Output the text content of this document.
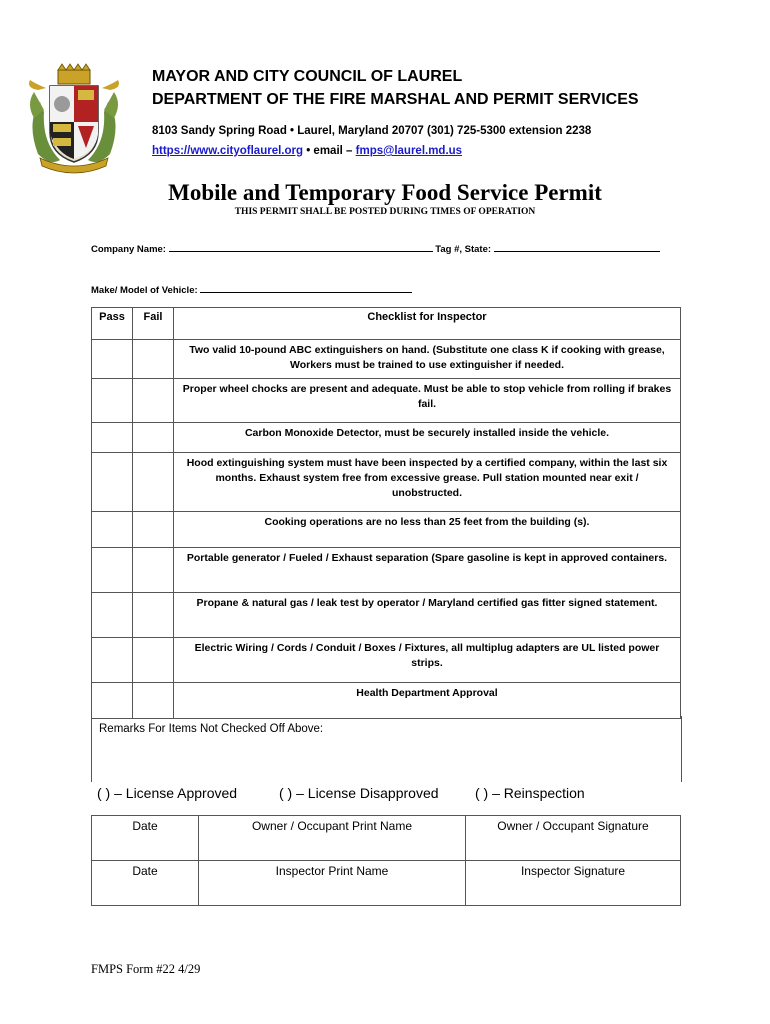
MAYOR AND CITY COUNCIL OF LAUREL
DEPARTMENT OF THE FIRE MARSHAL AND PERMIT SERVICES
8103 Sandy Spring Road • Laurel, Maryland 20707 (301) 725-5300 extension 2238
https://www.cityoflaurel.org • email – fmps@laurel.md.us
Mobile and Temporary Food Service Permit
THIS PERMIT SHALL BE POSTED DURING TIMES OF OPERATION
Company Name:	Tag #, State:
Make/ Model of Vehicle:
Pass	Fail	Checklist for Inspector
		Two valid 10-pound ABC extinguishers on hand. (Substitute one class K if cooking with grease, Workers must be trained to use extinguisher if needed.
		Proper wheel chocks are present and adequate. Must be able to stop vehicle from rolling if brakes fail.
		Carbon Monoxide Detector, must be securely installed inside the vehicle.
		Hood extinguishing system must have been inspected by a certified company, within the last six months. Exhaust system free from excessive grease. Pull station mounted near exit / unobstructed.
		Cooking operations are no less than 25 feet from the building (s).
		Portable generator / Fueled / Exhaust separation (Spare gasoline is kept in approved containers.
		Propane & natural gas / leak test by operator / Maryland certified gas fitter signed statement.
		Electric Wiring / Cords / Conduit / Boxes / Fixtures, all multiplug adapters are UL listed power strips.
		Health Department Approval
Remarks For Items Not Checked Off Above:
( ) – License Approved	( ) – License Disapproved	( ) – Reinspection
Date	Owner / Occupant Print Name	Owner / Occupant Signature
Date	Inspector Print Name	Inspector Signature
FMPS Form #22 4/29
